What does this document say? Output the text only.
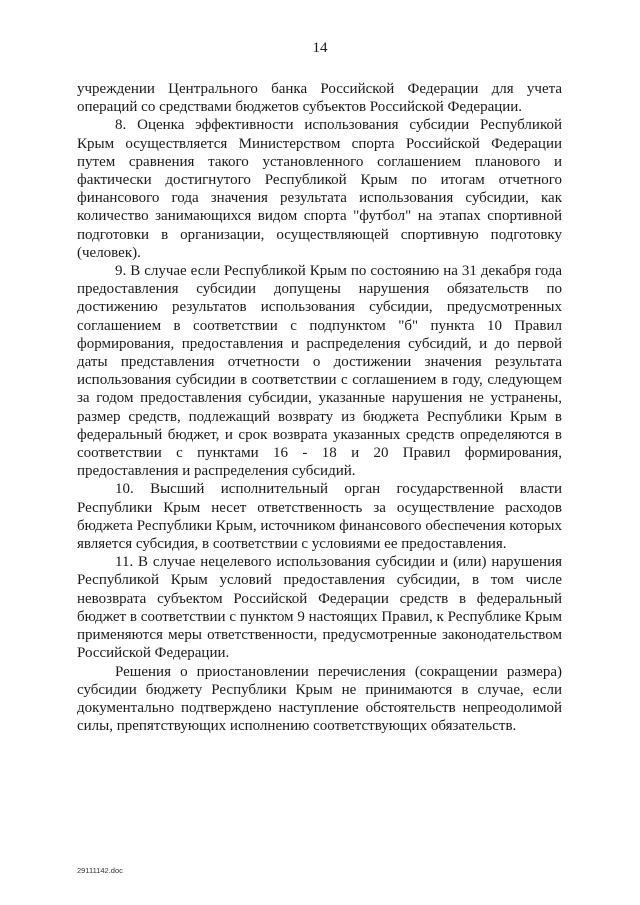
14

учреждении Центрального банка Российской Федерации для учета операций со средствами бюджетов субъектов Российской Федерации.

8. Оценка эффективности использования субсидии Республикой Крым осуществляется Министерством спорта Российской Федерации путем сравнения такого установленного соглашением планового и фактически достигнутого Республикой Крым по итогам отчетного финансового года значения результата использования субсидии, как количество занимающихся видом спорта "футбол" на этапах спортивной подготовки в организации, осуществляющей спортивную подготовку (человек).

9. В случае если Республикой Крым по состоянию на 31 декабря года предоставления субсидии допущены нарушения обязательств по достижению результатов использования субсидии, предусмотренных соглашением в соответствии с подпунктом "б" пункта 10 Правил формирования, предоставления и распределения субсидий, и до первой даты представления отчетности о достижении значения результата использования субсидии в соответствии с соглашением в году, следующем за годом предоставления субсидии, указанные нарушения не устранены, размер средств, подлежащий возврату из бюджета Республики Крым в федеральный бюджет, и срок возврата указанных средств определяются в соответствии с пунктами 16 - 18 и 20 Правил формирования, предоставления и распределения субсидий.

10. Высший исполнительный орган государственной власти Республики Крым несет ответственность за осуществление расходов бюджета Республики Крым, источником финансового обеспечения которых является субсидия, в соответствии с условиями ее предоставления.

11. В случае нецелевого использования субсидии и (или) нарушения Республикой Крым условий предоставления субсидии, в том числе невозврата субъектом Российской Федерации средств в федеральный бюджет в соответствии с пунктом 9 настоящих Правил, к Республике Крым применяются меры ответственности, предусмотренные законодательством Российской Федерации.

Решения о приостановлении перечисления (сокращении размера) субсидии бюджету Республики Крым не принимаются в случае, если документально подтверждено наступление обстоятельств непреодолимой силы, препятствующих исполнению соответствующих обязательств.

29111142.doc
